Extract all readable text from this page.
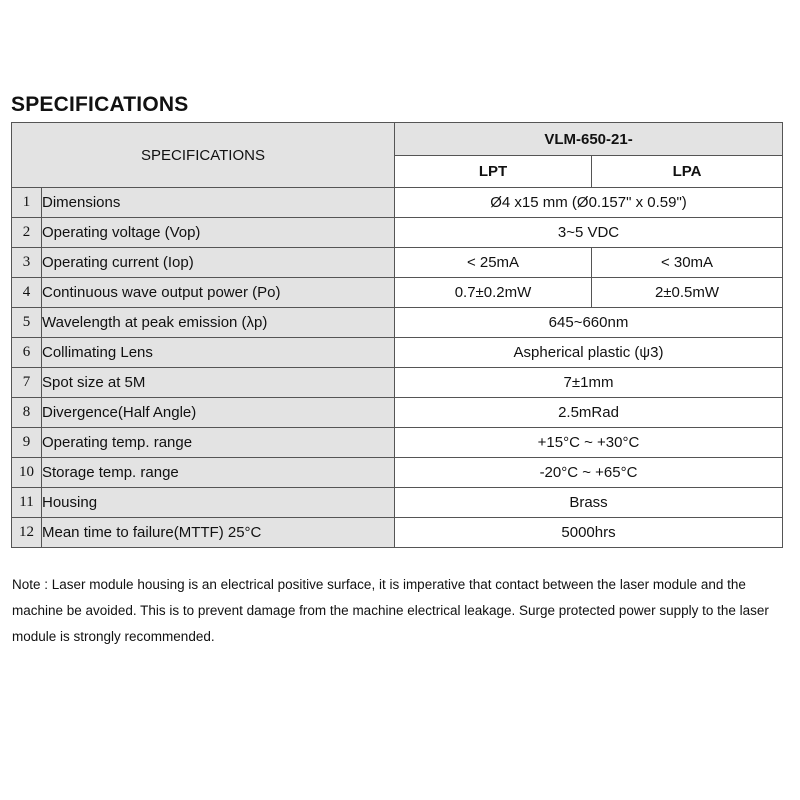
SPECIFICATIONS
SPECIFICATIONS		VLM-650-21-	
		LPT	LPA
1	Dimensions	Ø4 x15 mm (Ø0.157" x 0.59")	
2	Operating voltage (Vop)	3~5 VDC	
3	Operating current (Iop)	< 25mA	< 30mA
4	Continuous wave output power (Po)	0.7±0.2mW	2±0.5mW
5	Wavelength at peak emission (λp)	645~660nm	
6	Collimating Lens	Aspherical plastic (ψ3)	
7	Spot size at 5M	7±1mm	
8	Divergence(Half Angle)	2.5mRad	
9	Operating temp. range	+15°C ~ +30°C	
10	Storage temp. range	-20°C ~ +65°C	
11	Housing	Brass	
12	Mean time to failure(MTTF) 25°C	5000hrs	
Note : Laser module housing is an electrical positive surface, it is imperative that contact between the laser module and the machine be avoided. This is to prevent damage from the machine electrical leakage. Surge protected power supply to the laser module is strongly recommended.
